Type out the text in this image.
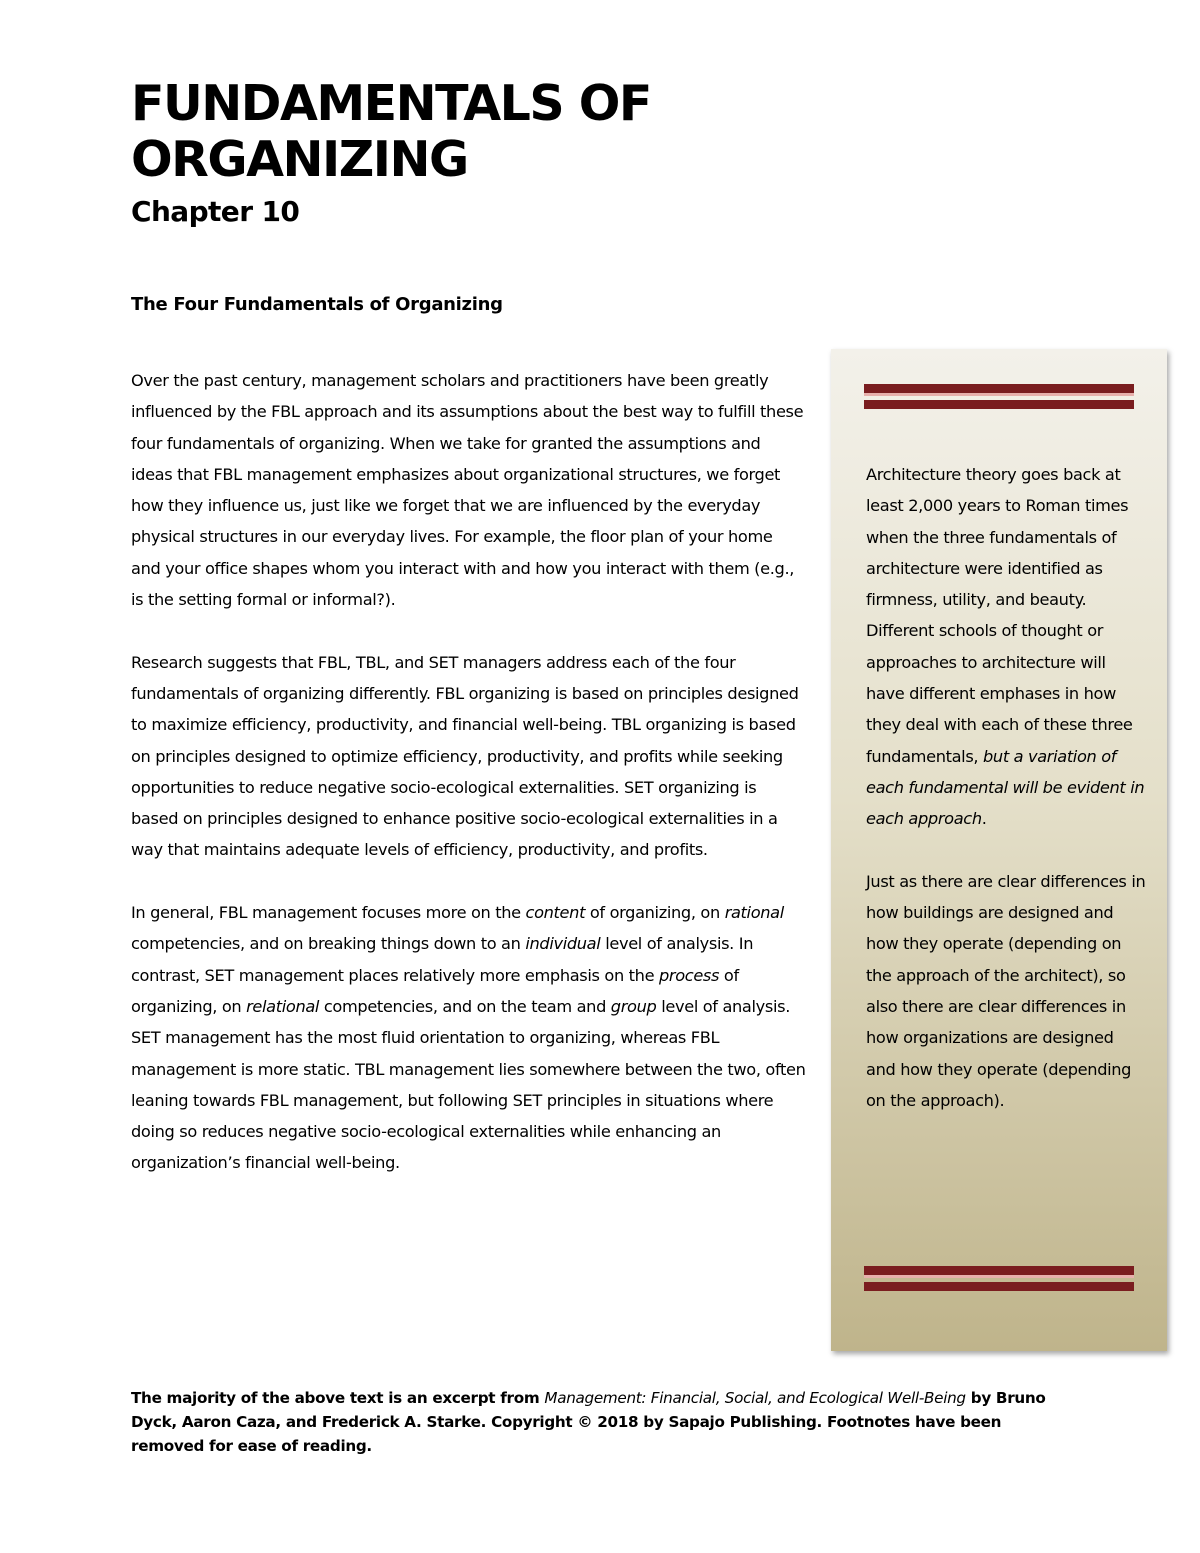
FUNDAMENTALS OF
ORGANIZING
Chapter 10
The Four Fundamentals of Organizing

Over the past century, management scholars and practitioners have been greatly influenced by the FBL approach and its assumptions about the best way to fulfill these four fundamentals of organizing. When we take for granted the assumptions and ideas that FBL management emphasizes about organizational structures, we forget how they influence us, just like we forget that we are influenced by the everyday physical structures in our everyday lives. For example, the floor plan of your home and your office shapes whom you interact with and how you interact with them (e.g., is the setting formal or informal?).

Research suggests that FBL, TBL, and SET managers address each of the four fundamentals of organizing differently. FBL organizing is based on principles designed to maximize efficiency, productivity, and financial well-being. TBL organizing is based on principles designed to optimize efficiency, productivity, and profits while seeking opportunities to reduce negative socio-ecological externalities. SET organizing is based on principles designed to enhance positive socio-ecological externalities in a way that maintains adequate levels of efficiency, productivity, and profits.

In general, FBL management focuses more on the content of organizing, on rational competencies, and on breaking things down to an individual level of analysis. In contrast, SET management places relatively more emphasis on the process of organizing, on relational competencies, and on the team and group level of analysis. SET management has the most fluid orientation to organizing, whereas FBL management is more static. TBL management lies somewhere between the two, often leaning towards FBL management, but following SET principles in situations where doing so reduces negative socio-ecological externalities while enhancing an organization’s financial well-being.

Architecture theory goes back at least 2,000 years to Roman times when the three fundamentals of architecture were identified as firmness, utility, and beauty. Different schools of thought or approaches to architecture will have different emphases in how they deal with each of these three fundamentals, but a variation of each fundamental will be evident in each approach.

Just as there are clear differences in how buildings are designed and how they operate (depending on the approach of the architect), so also there are clear differences in how organizations are designed and how they operate (depending on the approach).

The majority of the above text is an excerpt from Management: Financial, Social, and Ecological Well-Being by Bruno Dyck, Aaron Caza, and Frederick A. Starke. Copyright © 2018 by Sapajo Publishing. Footnotes have been removed for ease of reading.
